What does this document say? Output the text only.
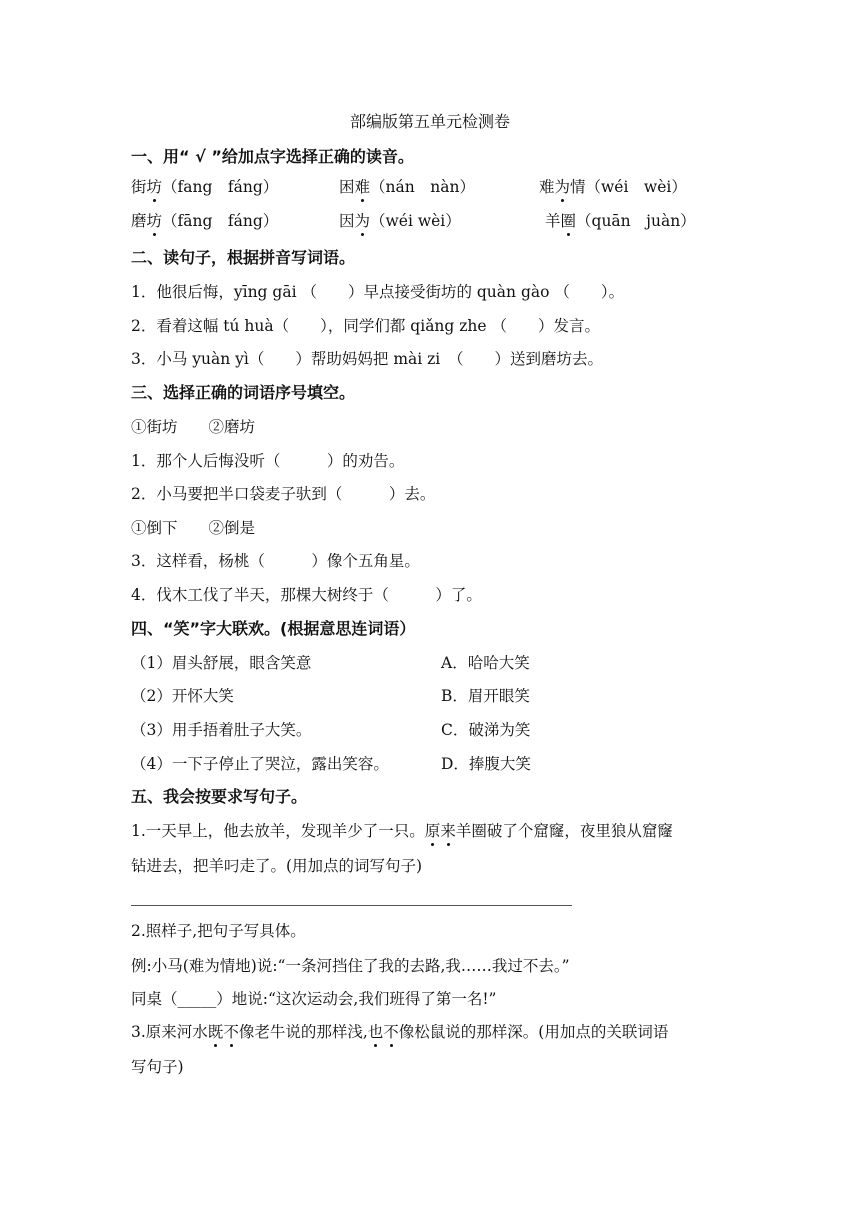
部编版第五单元检测卷
一、用“ √ ”给加点字选择正确的读音。
街坊（fang　fáng）	困难（nán　nàn）	难为情（wéi　wèi）
磨坊（fāng　fáng）	因为（wéi wèi）	羊圈（quān　juàn）
二、读句子，根据拼音写词语。
1．他很后悔，yīng gāi （　　）早点接受街坊的 quàn gào （　　）。
2．看着这幅 tú huà（　　），同学们都 qiǎng zhe （　　）发言。
3．小马 yuàn yì（　　）帮助妈妈把 mài zi　（　　）送到磨坊去。
三、选择正确的词语序号填空。
①街坊　　②磨坊
1．那个人后悔没听（　　　）的劝告。
2．小马要把半口袋麦子驮到（　　　）去。
①倒下　　②倒是
3．这样看，杨桃（　　　）像个五角星。
4．伐木工伐了半天，那棵大树终于（　　　）了。
四、“笑”字大联欢。(根据意思连词语）
（1）眉头舒展，眼含笑意	A．哈哈大笑
（2）开怀大笑	B．眉开眼笑
（3）用手捂着肚子大笑。	C．破涕为笑
（4）一下子停止了哭泣，露出笑容。	D．捧腹大笑
五、我会按要求写句子。
1.一天早上，他去放羊，发现羊少了一只。原来羊圈破了个窟窿，夜里狼从窟窿
钻进去，把羊叼走了。(用加点的词写句子)
2.照样子,把句子写具体。
例:小马(难为情地)说:“一条河挡住了我的去路,我……我过不去。”
同桌（_____）地说:“这次运动会,我们班得了第一名!”
3.原来河水既不像老牛说的那样浅,也不像松鼠说的那样深。(用加点的关联词语
写句子)
